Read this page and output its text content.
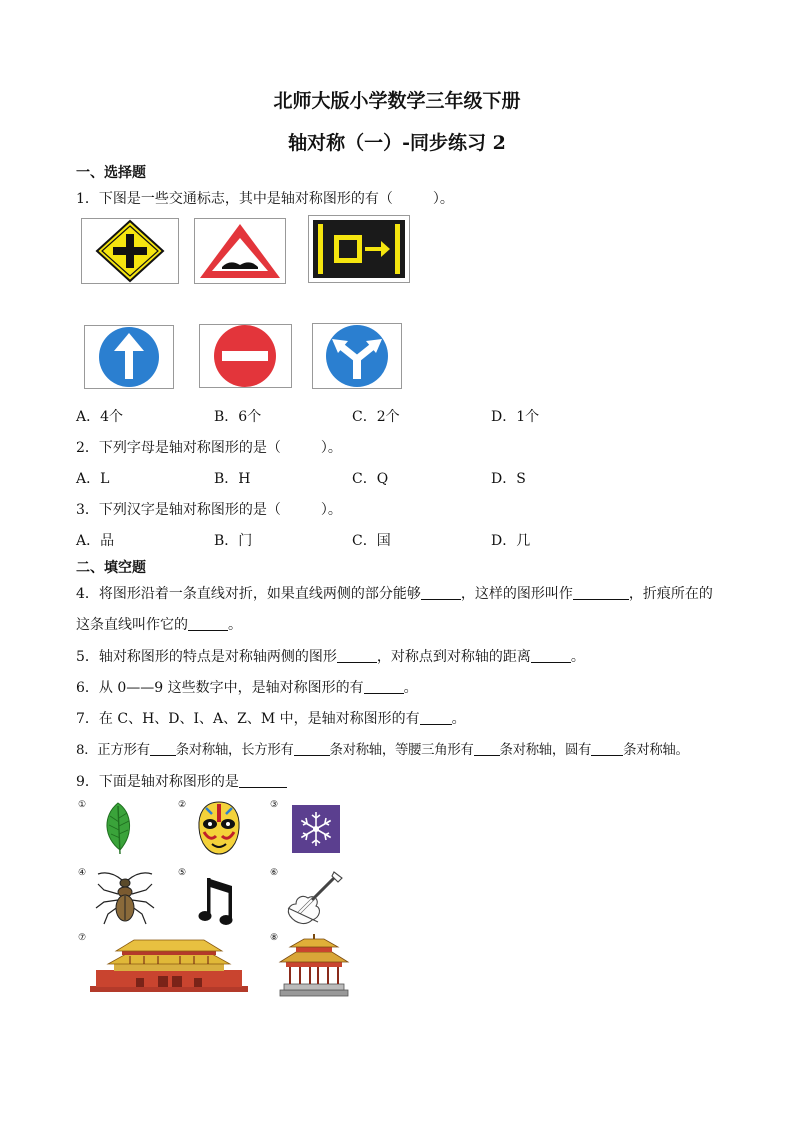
北师大版小学数学三年级下册
轴对称（一）-同步练习 2
一、选择题
1．下图是一些交通标志，其中是轴对称图形的有（	）。
A．4个	B．6个	C．2个	D．1个
2．下列字母是轴对称图形的是（	）。
A．L	B．H	C．Q	D．S
3．下列汉字是轴对称图形的是（	）。
A．品	B．门	C．国	D．几
二、填空题
4．将图形沿着一条直线对折，如果直线两侧的部分能够	，这样的图形叫作	，折痕所在的
这条直线叫作它的	。
5．轴对称图形的特点是对称轴两侧的图形	，对称点到对称轴的距离	。
6．从 0——9 这些数字中，是轴对称图形的有	。
7．在 C、H、D、I、A、Z、M 中，是轴对称图形的有 。
8．正方形有 条对称轴，长方形有	条对称轴，等腰三角形有 条对称轴，圆有 条对称轴。
9．下面是轴对称图形的是
①	②	③
④	⑤	⑥
⑦	⑧
